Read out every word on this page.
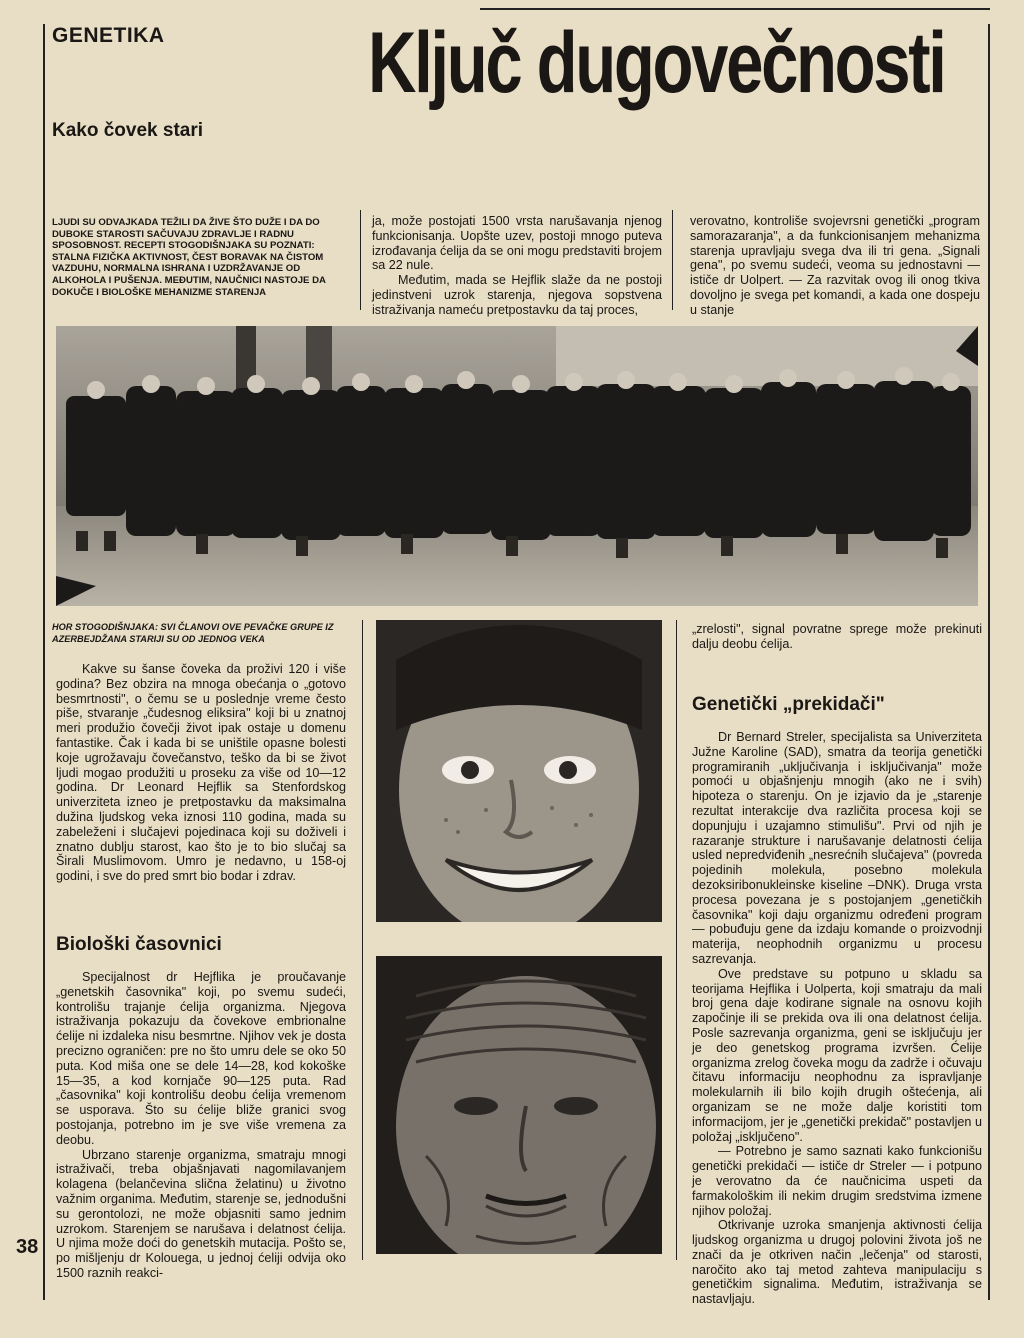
GENETIKA Ključ dugovečnosti
Kako čovek stari
LJUDI SU ODVAJKADA TEŽILI DA ŽIVE ŠTO DUŽE I DA DO DUBOKE STAROSTI SAČUVAJU ZDRAVLJE I RADNU SPOSOBNOST. RECEPTI STOGODIŠNJAKA SU POZNATI: STALNA FIZIČKA AKTIVNOST, ČEST BORAVAK NA ČISTOM VAZDUHU, NORMALNA ISHRANA I UZDRŽAVANJE OD ALKOHOLA I PUŠENJA. MEĐUTIM, NAUČNICI NASTOJE DA DOKUČE I BIOLOŠKE MEHANIZME STARENJA

ja, može postojati 1500 vrsta narušavanja njenog funkcionisanja. Uopšte uzev, postoji mnogo puteva izrođavanja ćelija da se oni mogu predstaviti brojem sa 22 nule.

Međutim, mada se Hejflik slaže da ne postoji jedinstveni uzrok starenja, njegova sopstvena istraživanja nameću pretpostavku da taj proces,

verovatno, kontroliše svojevrsni genetički „program samorazaranja", a da funkcionisanjem mehanizma starenja upravljaju svega dva ili tri gena. „Signali gena", po svemu sudeći, veoma su jednostavni — ističe dr Uolpert. — Za razvitak ovog ili onog tkiva dovoljno je svega pet komandi, a kada one dospeju u stanje

HOR STOGODIŠNJAKA: SVI ČLANOVI OVE PEVAČKE GRUPE IZ AZERBEJDŽANA STARIJI SU OD JEDNOG VEKA

Kakve su šanse čoveka da proživi 120 i više godina? Bez obzira na mnoga obećanja o „gotovo besmrtnosti", o čemu se u poslednje vreme često piše, stvaranje „čudesnog eliksira" koji bi u znatnoj meri produžio čovečji život ipak ostaje u domenu fantastike. Čak i kada bi se uništile opasne bolesti koje ugrožavaju čovečanstvo, teško da bi se život ljudi mogao produžiti u proseku za više od 10—12 godina. Dr Leonard Hejflik sa Stenfordskog univerziteta izneo je pretpostavku da maksimalna dužina ljudskog veka iznosi 110 godina, mada su zabeleženi i slučajevi pojedinaca koji su doživeli i znatno dublju starost, kao što je to bio slučaj sa Širali Muslimovom. Umro je nedavno, u 158-oj godini, i sve do pred smrt bio bodar i zdrav.

Biološki časovnici

Specijalnost dr Hejflika je proučavanje „genetskih časovnika" koji, po svemu sudeći, kontrolišu trajanje ćelija organizma. Njegova istraživanja pokazuju da čovekove embrionalne ćelije ni izdaleka nisu besmrtne. Njihov vek je dosta precizno ograničen: pre no što umru dele se oko 50 puta. Kod miša one se dele 14—28, kod kokoške 15—35, a kod kornjače 90—125 puta. Rad „časovnika" koji kontrolišu deobu ćelija vremenom se usporava. Što su ćelije bliže granici svog postojanja, potrebno im je sve više vremena za deobu.

Ubrzano starenje organizma, smatraju mnogi istraživači, treba objašnjavati nagomilavanjem kolagena (belančevina slična želatinu) u životno važnim organima. Međutim, starenje se, jednodušni su gerontolozi, ne može objasniti samo jednim uzrokom. Starenjem se narušava i delatnost ćelija. U njima može doći do genetskih mutacija. Pošto se, po mišljenju dr Kolouega, u jednoj ćeliji odvija oko 1500 raznih reakci-

„zrelosti", signal povratne sprege može prekinuti dalju deobu ćelija.

Genetički „prekidači"

Dr Bernard Streler, specijalista sa Univerziteta Južne Karoline (SAD), smatra da teorija genetički programiranih „uključivanja i isključivanja" može pomoći u objašnjenju mnogih (ako ne i svih) hipoteza o starenju. On je izjavio da je „starenje rezultat interakcije dva različita procesa koji se dopunjuju i uzajamno stimulišu". Prvi od njih je razaranje strukture i narušavanje delatnosti ćelija usled nepredviđenih „nesrećnih slučajeva" (povreda pojedinih molekula, posebno molekula dezoksiribonukleinske kiseline –DNK). Druga vrsta procesa povezana je s postojanjem „genetičkih časovnika" koji daju organizmu određeni program — pobuđuju gene da izdaju komande o proizvodnji materija, neophodnih organizmu u procesu sazrevanja.

Ove predstave su potpuno u skladu sa teorijama Hejflika i Uolperta, koji smatraju da mali broj gena daje kodirane signale na osnovu kojih započinje ili se prekida ova ili ona delatnost ćelija. Posle sazrevanja organizma, geni se isključuju jer je deo genetskog programa izvršen. Ćelije organizma zrelog čoveka mogu da zadrže i očuvaju čitavu informaciju neophodnu za ispravljanje molekularnih ili bilo kojih drugih oštećenja, ali organizam se ne može dalje koristiti tom informacijom, jer je „genetički prekidač" postavljen u položaj „isključeno".

— Potrebno je samo saznati kako funkcionišu genetički prekidači — ističe dr Streler — i potpuno je verovatno da će naučnicima uspeti da farmakološkim ili nekim drugim sredstvima izmene njihov položaj.

Otkrivanje uzroka smanjenja aktivnosti ćelija ljudskog organizma u drugoj polovini života još ne znači da je otkriven način „lečenja" od starosti, naročito ako taj metod zahteva manipulaciju s genetičkim signalima. Međutim, istraživanja se nastavljaju.

38
